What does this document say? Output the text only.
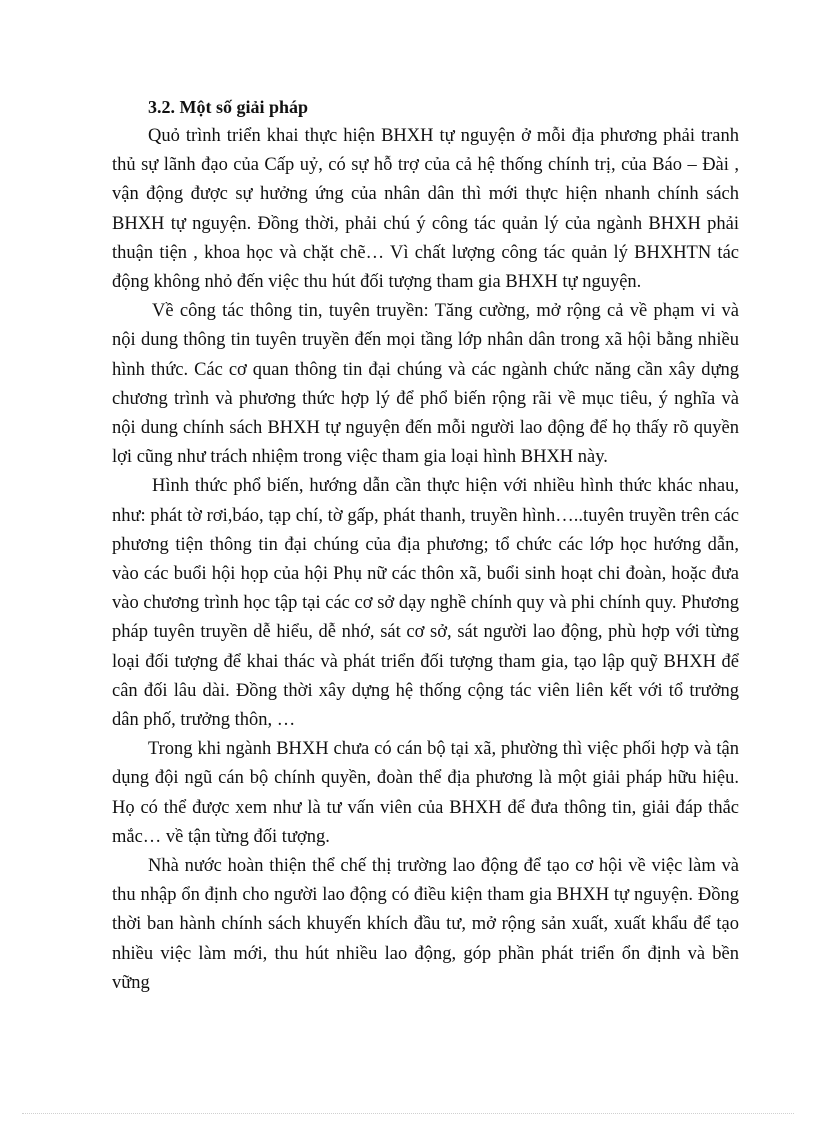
3.2. Một số giải pháp

Quỏ trình triển khai thực hiện BHXH tự nguyện ở mỗi địa phương phải tranh thủ sự lãnh đạo của Cấp uỷ, có sự hỗ trợ của cả hệ thống chính trị, của Báo – Đài , vận động được sự hưởng ứng của nhân dân thì mới thực hiện nhanh chính sách BHXH tự nguyện. Đồng thời, phải chú ý công tác quản lý của ngành BHXH phải thuận tiện , khoa học và chặt chẽ… Vì chất lượng công tác quản lý BHXHTN tác động không nhỏ đến việc thu hút đối tượng tham gia BHXH tự nguyện.

Về công tác thông tin, tuyên truyền: Tăng cường, mở rộng cả về phạm vi và nội dung thông tin tuyên truyền đến mọi tầng lớp nhân dân trong xã hội bằng nhiều hình thức. Các cơ quan thông tin đại chúng và các ngành chức năng cần xây dựng chương trình và phương thức hợp lý để phổ biến rộng rãi về mục tiêu, ý nghĩa và nội dung chính sách BHXH tự nguyện đến mỗi người lao động để họ thấy rõ quyền lợi cũng như trách nhiệm trong việc tham gia loại hình BHXH này.

Hình thức phổ biến, hướng dẫn cần thực hiện với nhiều hình thức khác nhau, như: phát tờ rơi,báo, tạp chí, tờ gấp, phát thanh, truyền hình…..tuyên truyền trên các phương tiện thông tin đại chúng của địa phương; tổ chức các lớp học hướng dẫn, vào các buổi hội họp của hội Phụ nữ các thôn xã, buổi sinh hoạt chi đoàn, hoặc đưa vào chương trình học tập tại các cơ sở dạy nghề chính quy và phi chính quy. Phương pháp tuyên truyền dễ hiểu, dễ nhớ, sát cơ sở, sát người lao động, phù hợp với từng loại đối tượng để khai thác và phát triển đối tượng tham gia, tạo lập quỹ BHXH để cân đối lâu dài. Đồng thời xây dựng hệ thống cộng tác viên liên kết với tổ trưởng dân phố, trưởng thôn, …

Trong khi ngành BHXH chưa có cán bộ tại xã, phường thì việc phối hợp và tận dụng đội ngũ cán bộ chính quyền, đoàn thể địa phương là một giải pháp hữu hiệu. Họ có thể được xem như là tư vấn viên của BHXH để đưa thông tin, giải đáp thắc mắc… về tận từng đối tượng.

Nhà nước hoàn thiện thể chế thị trường lao động để tạo cơ hội về việc làm và thu nhập ổn định cho người lao động có điều kiện tham gia BHXH tự nguyện. Đồng thời ban hành chính sách khuyến khích đầu tư, mở rộng sản xuất, xuất khẩu để tạo nhiều việc làm mới, thu hút nhiều lao động, góp phần phát triển ổn định và bền vững
